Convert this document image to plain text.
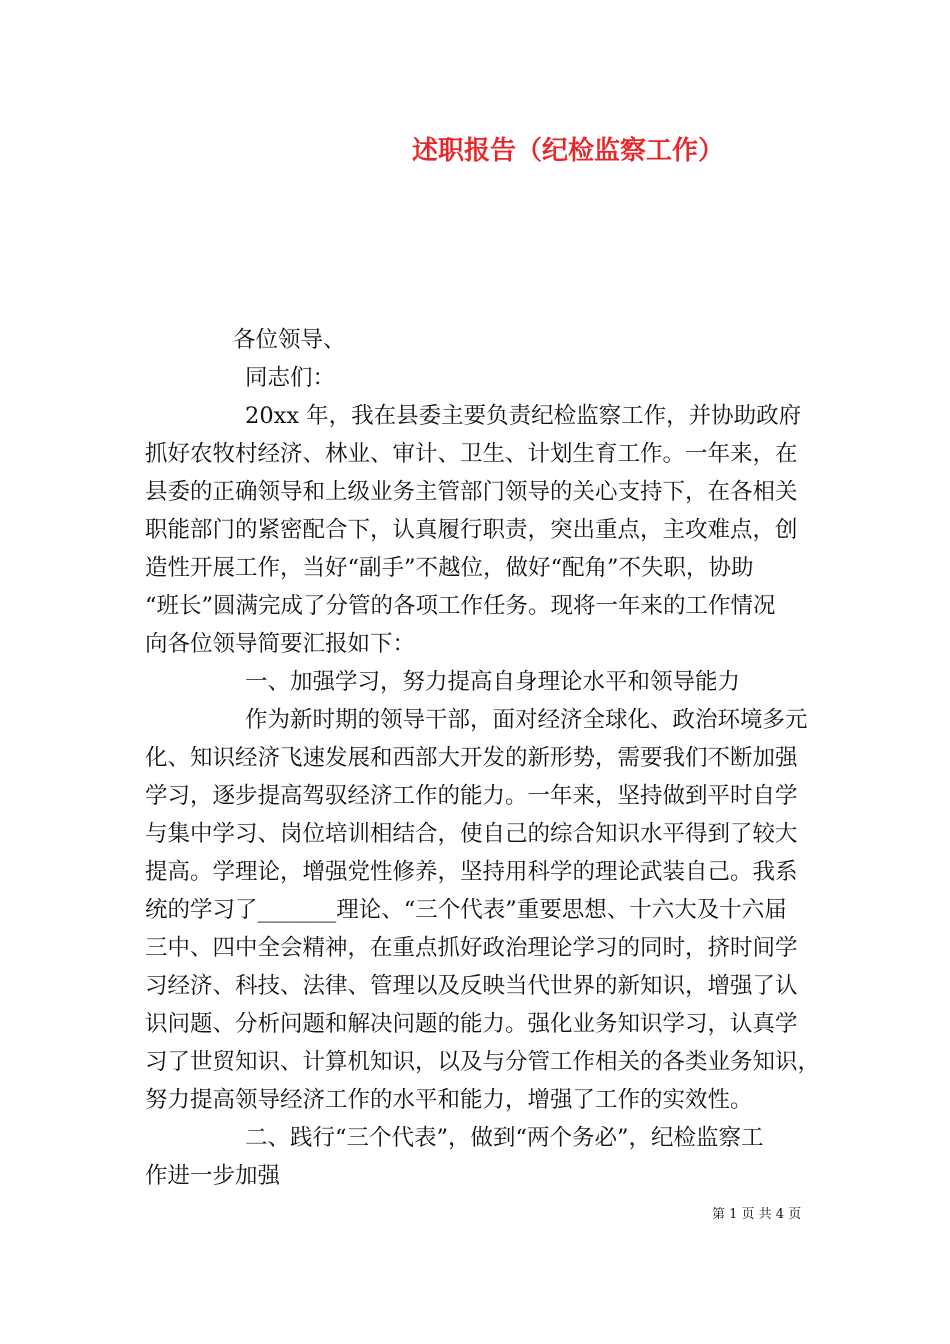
述职报告（纪检监察工作）
各位领导、
同志们：
20xx 年，我在县委主要负责纪检监察工作，并协助政府
抓好农牧村经济、林业、审计、卫生、计划生育工作。一年来，在
县委的正确领导和上级业务主管部门领导的关心支持下，在各相关
职能部门的紧密配合下，认真履行职责，突出重点，主攻难点，创
造性开展工作，当好“副手”不越位，做好“配角”不失职，协助
“班长”圆满完成了分管的各项工作任务。现将一年来的工作情况
向各位领导简要汇报如下：
一、加强学习，努力提高自身理论水平和领导能力
作为新时期的领导干部，面对经济全球化、政治环境多元
化、知识经济飞速发展和西部大开发的新形势，需要我们不断加强
学习，逐步提高驾驭经济工作的能力。一年来，坚持做到平时自学
与集中学习、岗位培训相结合，使自己的综合知识水平得到了较大
提高。学理论，增强党性修养，坚持用科学的理论武装自己。我系
统的学习了_______理论、“三个代表”重要思想、十六大及十六届
三中、四中全会精神，在重点抓好政治理论学习的同时，挤时间学
习经济、科技、法律、管理以及反映当代世界的新知识，增强了认
识问题、分析问题和解决问题的能力。强化业务知识学习，认真学
习了世贸知识、计算机知识，以及与分管工作相关的各类业务知识，
努力提高领导经济工作的水平和能力，增强了工作的实效性。
二、践行“三个代表”，做到“两个务必”，纪检监察工
作进一步加强
第 1 页 共 4 页
